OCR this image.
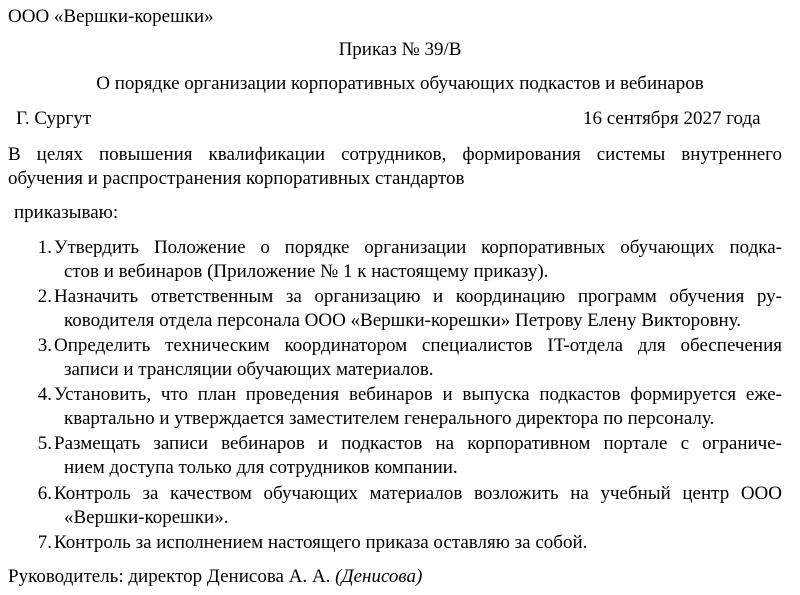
ООО «Вершки-корешки»
Приказ № 39/В
О порядке организации корпоративных обучающих подкастов и вебинаров
Г. Сургут	16 сентября 2027 года
В целях повышения квалификации сотрудников, формирования системы внутреннего
обучения и распространения корпоративных стандартов
приказываю:
1. Утвердить Положение о порядке организации корпоративных обучающих подка-
стов и вебинаров (Приложение № 1 к настоящему приказу).
2. Назначить ответственным за организацию и координацию программ обучения ру-
ководителя отдела персонала ООО «Вершки-корешки» Петрову Елену Викторовну.
3. Определить техническим координатором специалистов IT-отдела для обеспечения
записи и трансляции обучающих материалов.
4. Установить, что план проведения вебинаров и выпуска подкастов формируется еже-
квартально и утверждается заместителем генерального директора по персоналу.
5. Размещать записи вебинаров и подкастов на корпоративном портале с ограниче-
нием доступа только для сотрудников компании.
6. Контроль за качеством обучающих материалов возложить на учебный центр ООО
«Вершки-корешки».
7. Контроль за исполнением настоящего приказа оставляю за собой.
Руководитель: директор Денисова А. А. (Денисова)
